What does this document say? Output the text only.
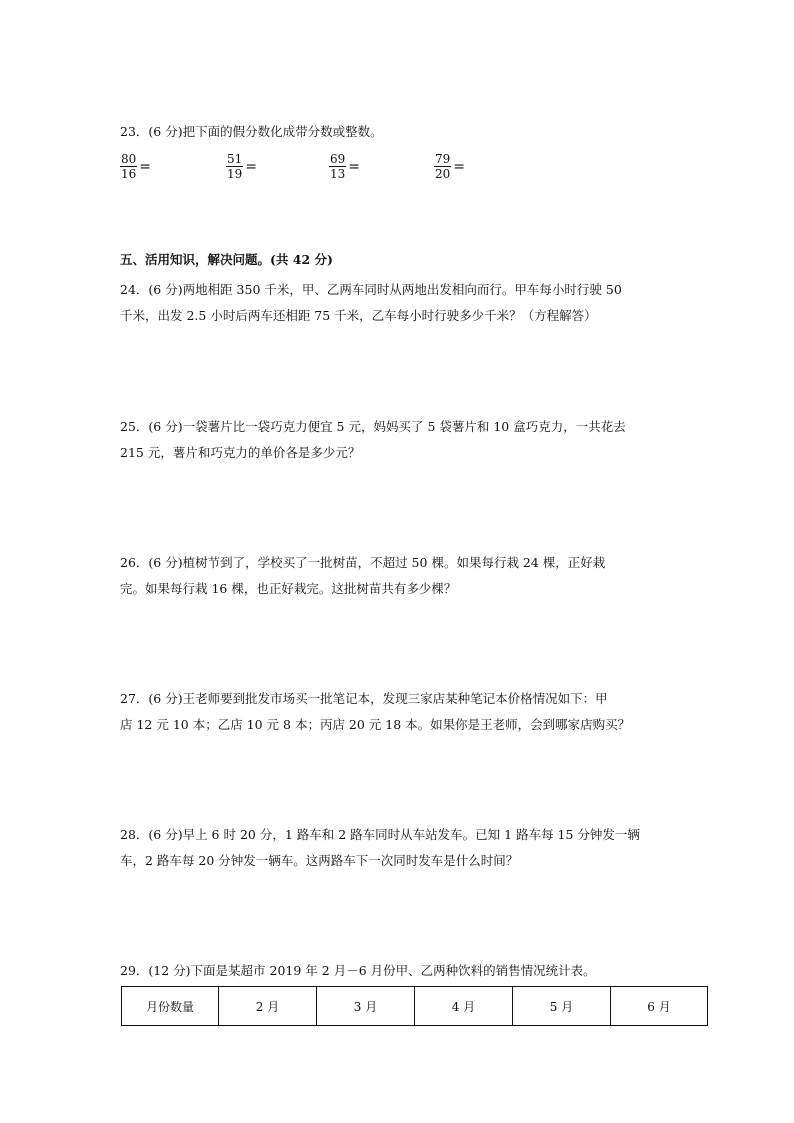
23．(6 分)把下面的假分数化成带分数或整数。
$\frac{80}{16}$ =	$\frac{51}{19}$ =	$\frac{69}{13}$ =	$\frac{79}{20}$ =
五、活用知识，解决问题。(共 42 分)
24．(6 分)两地相距 350 千米，甲、乙两车同时从两地出发相向而行。甲车每小时行驶 50
千米，出发 2.5 小时后两车还相距 75 千米，乙车每小时行驶多少千米？（方程解答）
25．(6 分)一袋薯片比一袋巧克力便宜 5 元，妈妈买了 5 袋薯片和 10 盒巧克力，一共花去
215 元，薯片和巧克力的单价各是多少元？
26．(6 分)植树节到了，学校买了一批树苗，不超过 50 棵。如果每行栽 24 棵，正好栽
完。如果每行栽 16 棵，也正好栽完。这批树苗共有多少棵？
27．(6 分)王老师要到批发市场买一批笔记本，发现三家店某种笔记本价格情况如下：甲
店 12 元 10 本；乙店 10 元 8 本；丙店 20 元 18 本。如果你是王老师，会到哪家店购买？
28．(6 分)早上 6 时 20 分，1 路车和 2 路车同时从车站发车。已知 1 路车每 15 分钟发一辆
车，2 路车每 20 分钟发一辆车。这两路车下一次同时发车是什么时间？
29．(12 分)下面是某超市 2019 年 2 月－6 月份甲、乙两种饮料的销售情况统计表。
月份数量	2 月	3 月	4 月	5 月	6 月
